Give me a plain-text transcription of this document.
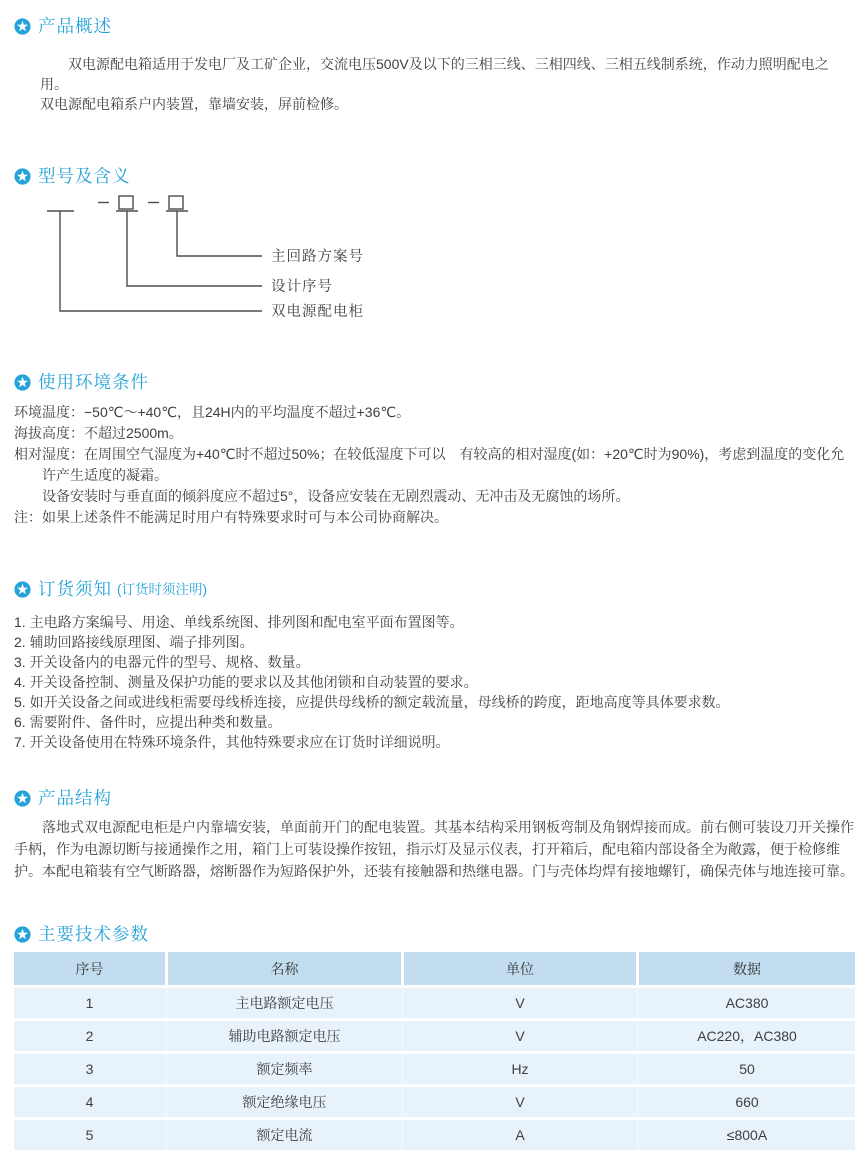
产品概述
双电源配电箱适用于发电厂及工矿企业，交流电压500V及以下的三相三线、三相四线、三相五线制系统，作动力照明配电之用。
双电源配电箱系户内装置，靠墙安装，屏前检修。
型号及含义
主回路方案号
设计序号
双电源配电柜
使用环境条件
环境温度：−50℃～+40℃，且24H内的平均温度不超过+36℃。
海拔高度：不超过2500m。
相对湿度：在周围空气湿度为+40℃时不超过50%；在较低湿度下可以　有较高的相对湿度(如：+20℃时为90%)，考虑到温度的变化允许产生适度的凝霜。
设备安装时与垂直面的倾斜度应不超过5°，设备应安装在无剧烈震动、无冲击及无腐蚀的场所。
注：如果上述条件不能满足时用户有特殊要求时可与本公司协商解决。
订货须知 (订货时须注明)
1. 主电路方案编号、用途、单线系统图、排列图和配电室平面布置图等。
2. 辅助回路接线原理图、端子排列图。
3. 开关设备内的电器元件的型号、规格、数量。
4. 开关设备控制、测量及保护功能的要求以及其他闭锁和自动装置的要求。
5. 如开关设备之间或进线柜需要母线桥连接，应提供母线桥的额定载流量，母线桥的跨度，距地高度等具体要求数。
6. 需要附件、备件时，应提出种类和数量。
7. 开关设备使用在特殊环境条件，其他特殊要求应在订货时详细说明。
产品结构
落地式双电源配电柜是户内靠墙安装，单面前开门的配电装置。其基本结构采用钢板弯制及角钢焊接而成。前右侧可装设刀开关操作手柄，作为电源切断与接通操作之用，箱门上可装设操作按钮，指示灯及显示仪表，打开箱后，配电箱内部设备全为敞露，便于检修维护。本配电箱装有空气断路器，熔断器作为短路保护外，还装有接触器和热继电器。门与壳体均焊有接地螺钉，确保壳体与地连接可靠。
主要技术参数
序号	名称	单位	数据
1	主电路额定电压	V	AC380
2	辅助电路额定电压	V	AC220，AC380
3	额定频率	Hz	50
4	额定绝缘电压	V	660
5	额定电流	A	≤800A
